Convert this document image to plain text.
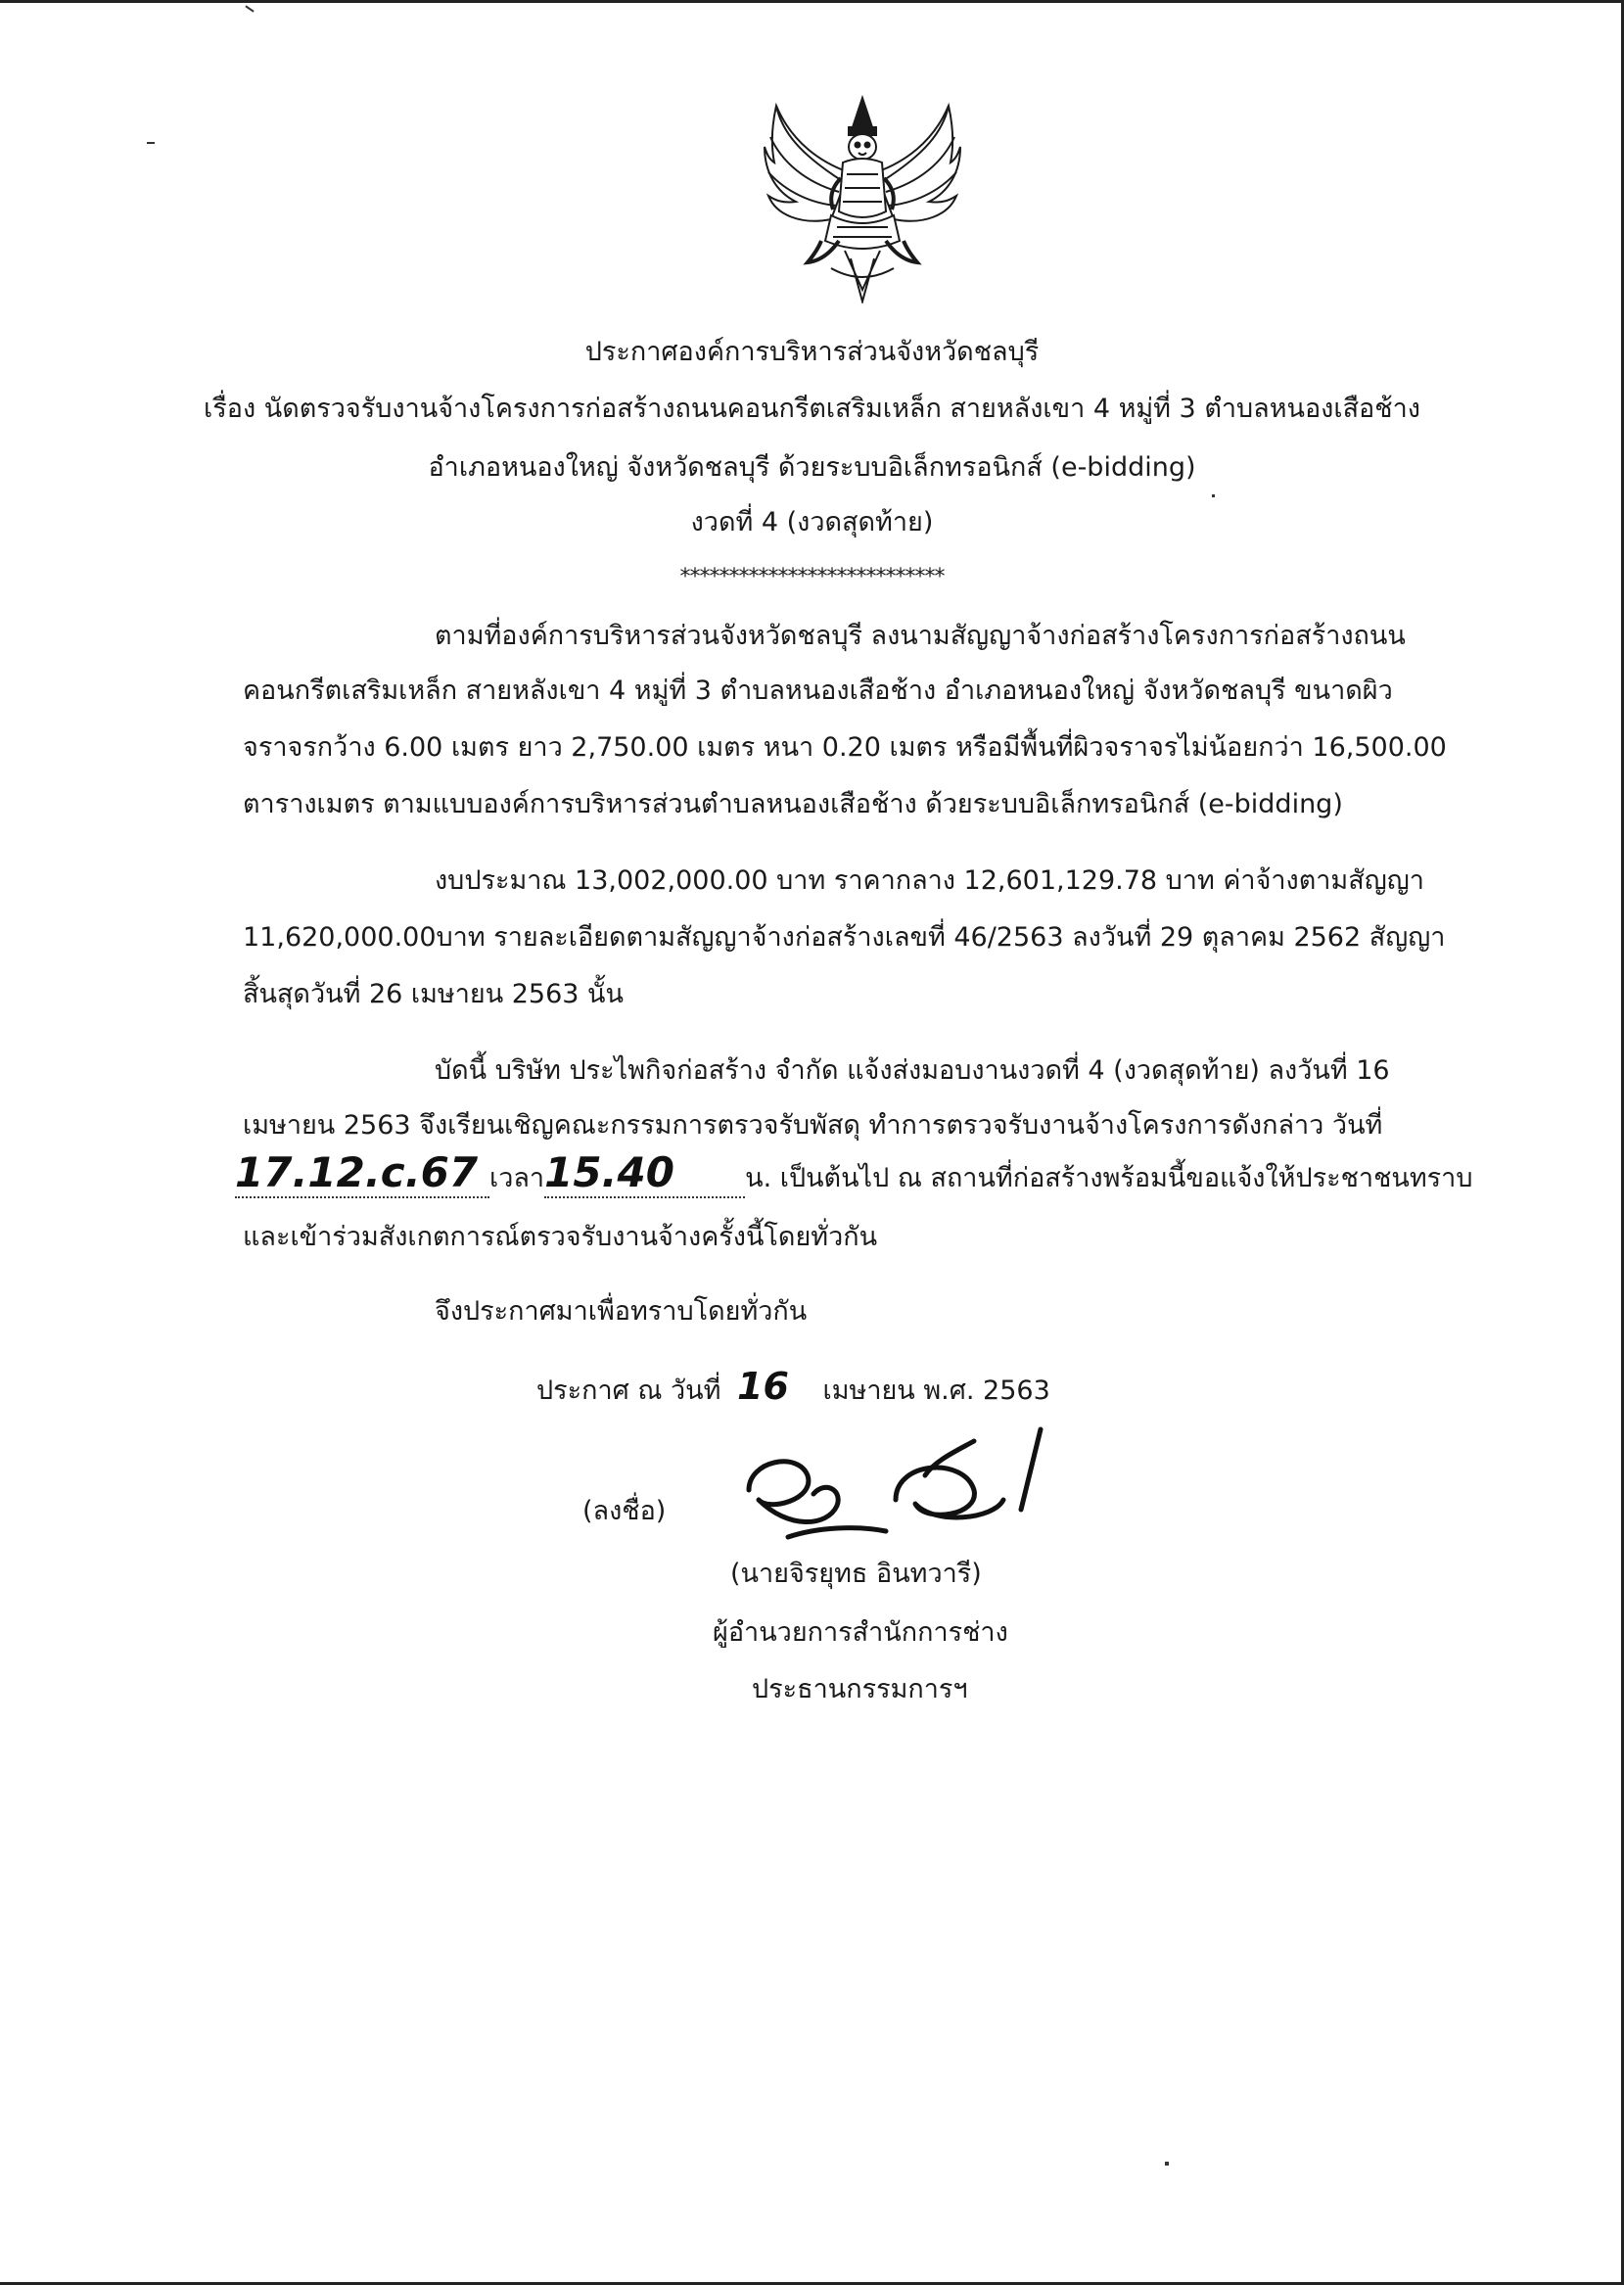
ประกาศองค์การบริหารส่วนจังหวัดชลบุรี
เรื่อง นัดตรวจรับงานจ้างโครงการก่อสร้างถนนคอนกรีตเสริมเหล็ก สายหลังเขา 4 หมู่ที่ 3 ตำบลหนองเสือช้าง
อำเภอหนองใหญ่ จังหวัดชลบุรี ด้วยระบบอิเล็กทรอนิกส์ (e-bidding)
งวดที่ 4 (งวดสุดท้าย)
***************************
ตามที่องค์การบริหารส่วนจังหวัดชลบุรี ลงนามสัญญาจ้างก่อสร้างโครงการก่อสร้างถนน
คอนกรีตเสริมเหล็ก สายหลังเขา 4 หมู่ที่ 3 ตำบลหนองเสือช้าง อำเภอหนองใหญ่ จังหวัดชลบุรี ขนาดผิว
จราจรกว้าง 6.00 เมตร ยาว 2,750.00 เมตร หนา 0.20 เมตร หรือมีพื้นที่ผิวจราจรไม่น้อยกว่า 16,500.00
ตารางเมตร ตามแบบองค์การบริหารส่วนตำบลหนองเสือช้าง ด้วยระบบอิเล็กทรอนิกส์ (e-bidding)
งบประมาณ 13,002,000.00 บาท ราคากลาง 12,601,129.78 บาท ค่าจ้างตามสัญญา
11,620,000.00บาท รายละเอียดตามสัญญาจ้างก่อสร้างเลขที่ 46/2563 ลงวันที่ 29 ตุลาคม 2562 สัญญา
สิ้นสุดวันที่ 26 เมษายน 2563 นั้น
บัดนี้ บริษัท ประไพกิจก่อสร้าง จำกัด แจ้งส่งมอบงานงวดที่ 4 (งวดสุดท้าย) ลงวันที่ 16
เมษายน 2563 จึงเรียนเชิญคณะกรรมการตรวจรับพัสดุ ทำการตรวจรับงานจ้างโครงการดังกล่าว วันที่
17.12.c.67 เวลา15.40	น. เป็นต้นไป ณ สถานที่ก่อสร้างพร้อมนี้ขอแจ้งให้ประชาชนทราบ
และเข้าร่วมสังเกตการณ์ตรวจรับงานจ้างครั้งนี้โดยทั่วกัน
จึงประกาศมาเพื่อทราบโดยทั่วกัน
ประกาศ ณ วันที่ 16 เมษายน พ.ศ. 2563
(ลงชื่อ)
(นายจิรยุทธ อินทวารี)
ผู้อำนวยการสำนักการช่าง
ประธานกรรมการฯ
